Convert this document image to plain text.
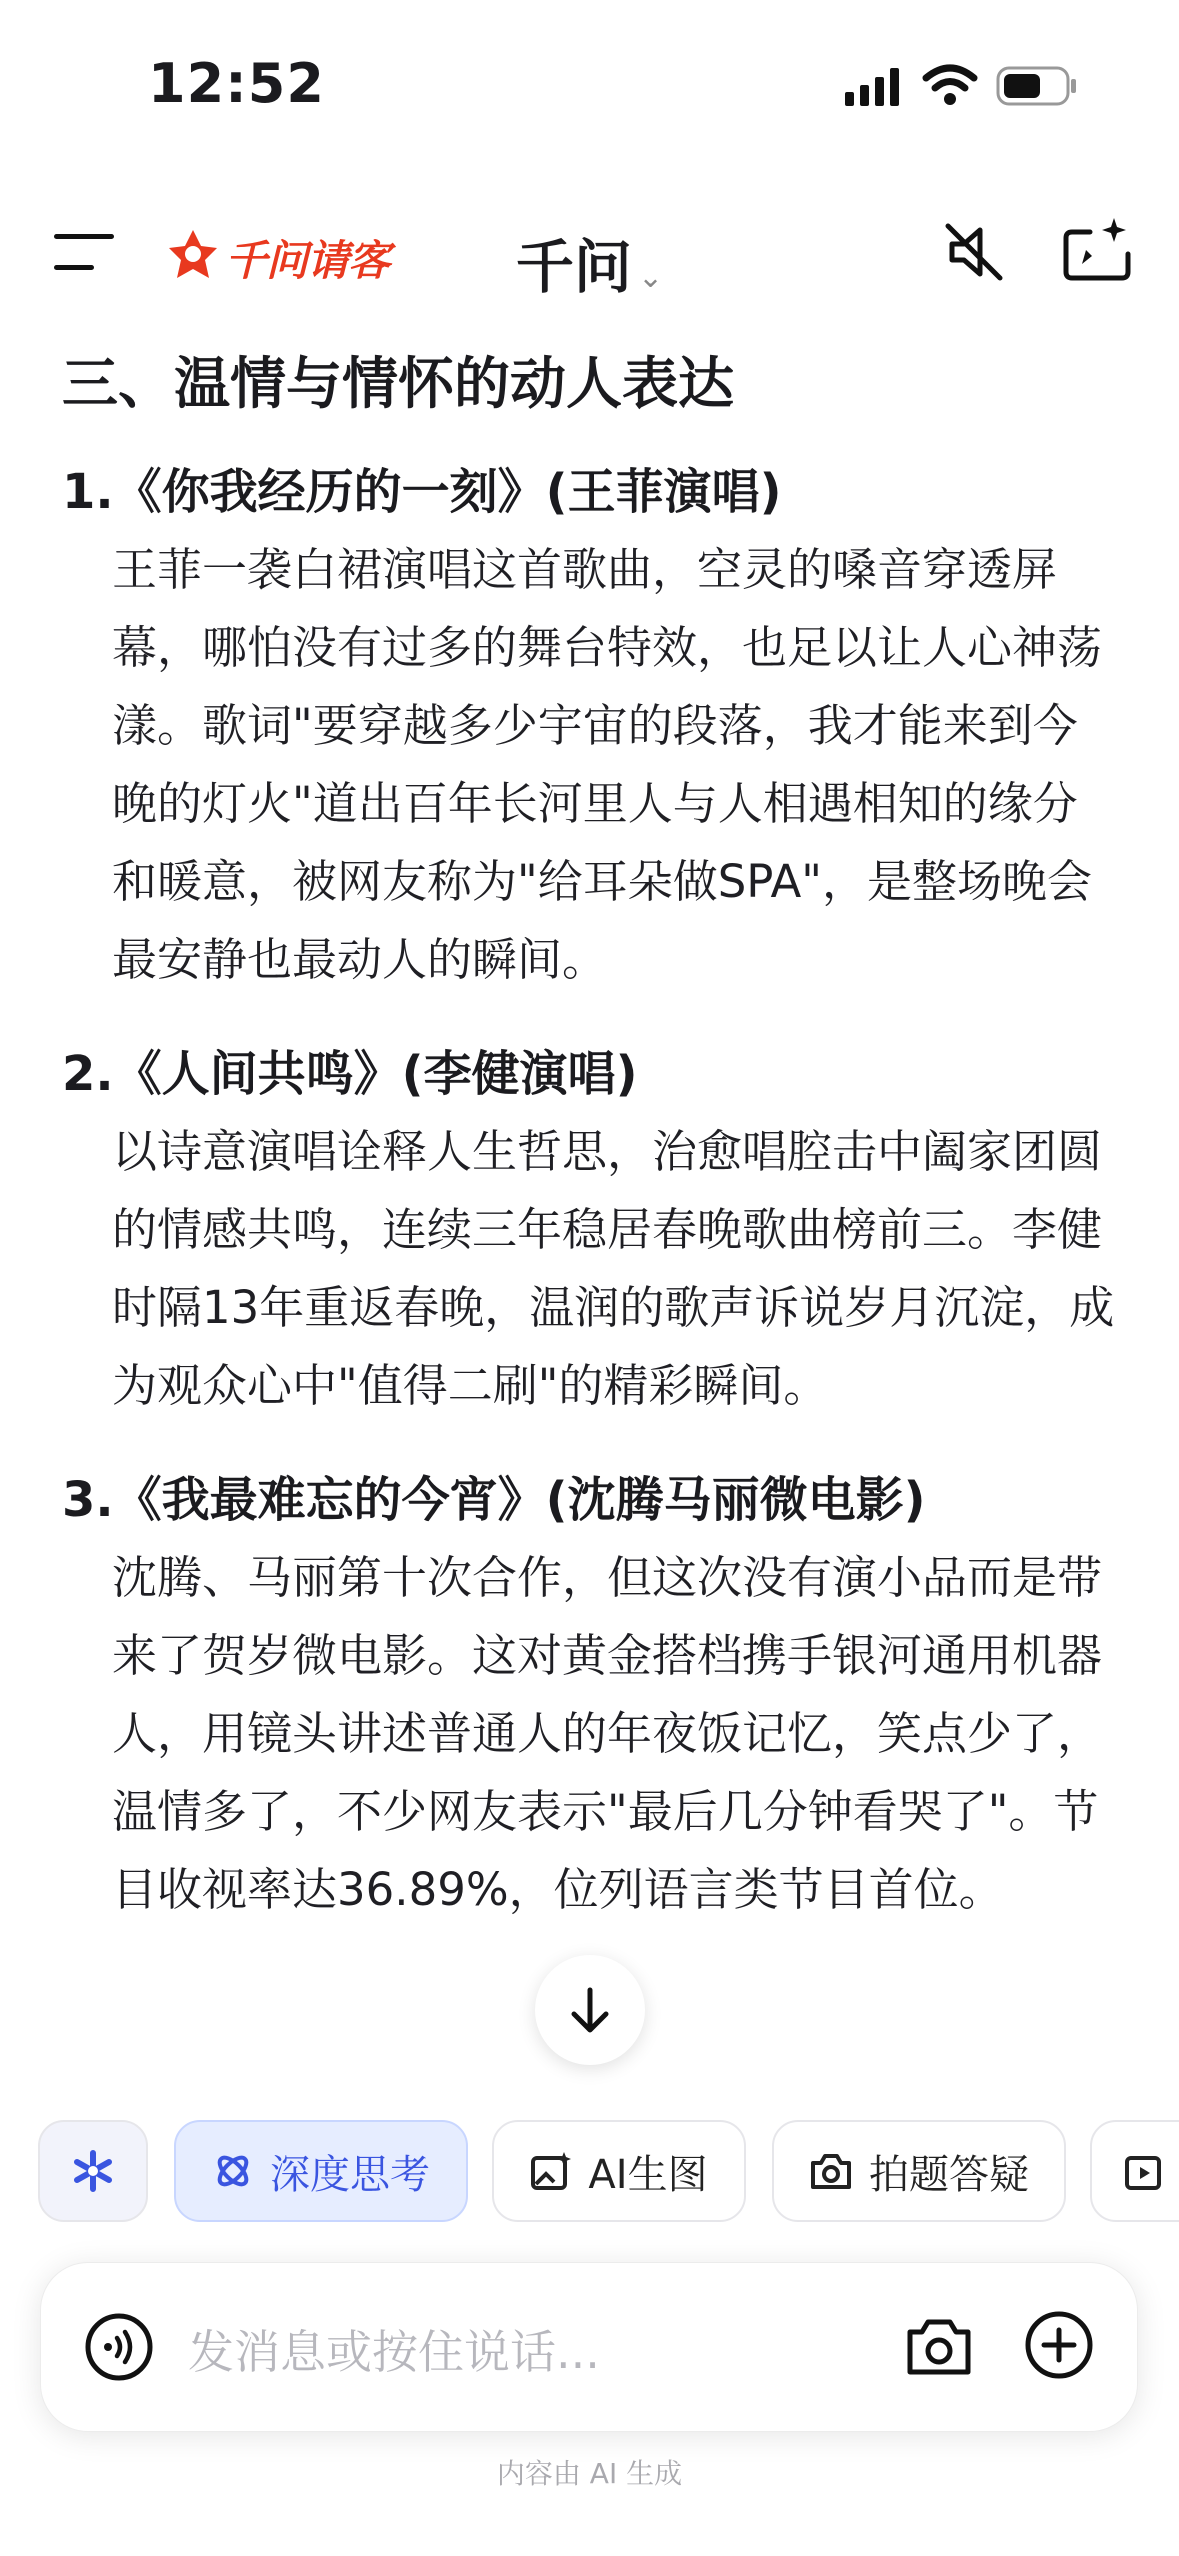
12:52
千问请客	千问 ⌄
三、温情与情怀的动人表达
1.《你我经历的一刻》(王菲演唱)
王菲一袭白裙演唱这首歌曲，空灵的嗓音穿透屏幕，哪怕没有过多的舞台特效，也足以让人心神荡漾。歌词"要穿越多少宇宙的段落，我才能来到今晚的灯火"道出百年长河里人与人相遇相知的缘分和暖意，被网友称为"给耳朵做SPA"，是整场晚会最安静也最动人的瞬间。
2.《人间共鸣》(李健演唱)
以诗意演唱诠释人生哲思，治愈唱腔击中阖家团圆的情感共鸣，连续三年稳居春晚歌曲榜前三。李健时隔13年重返春晚，温润的歌声诉说岁月沉淀，成为观众心中"值得二刷"的精彩瞬间。
3.《我最难忘的今宵》(沈腾马丽微电影)
沈腾、马丽第十次合作，但这次没有演小品而是带来了贺岁微电影。这对黄金搭档携手银河通用机器人，用镜头讲述普通人的年夜饭记忆，笑点少了，温情多了，不少网友表示"最后几分钟看哭了"。节目收视率达36.89%，位列语言类节目首位。
深度思考	AI生图	拍题答疑
发消息或按住说话...
内容由 AI 生成
